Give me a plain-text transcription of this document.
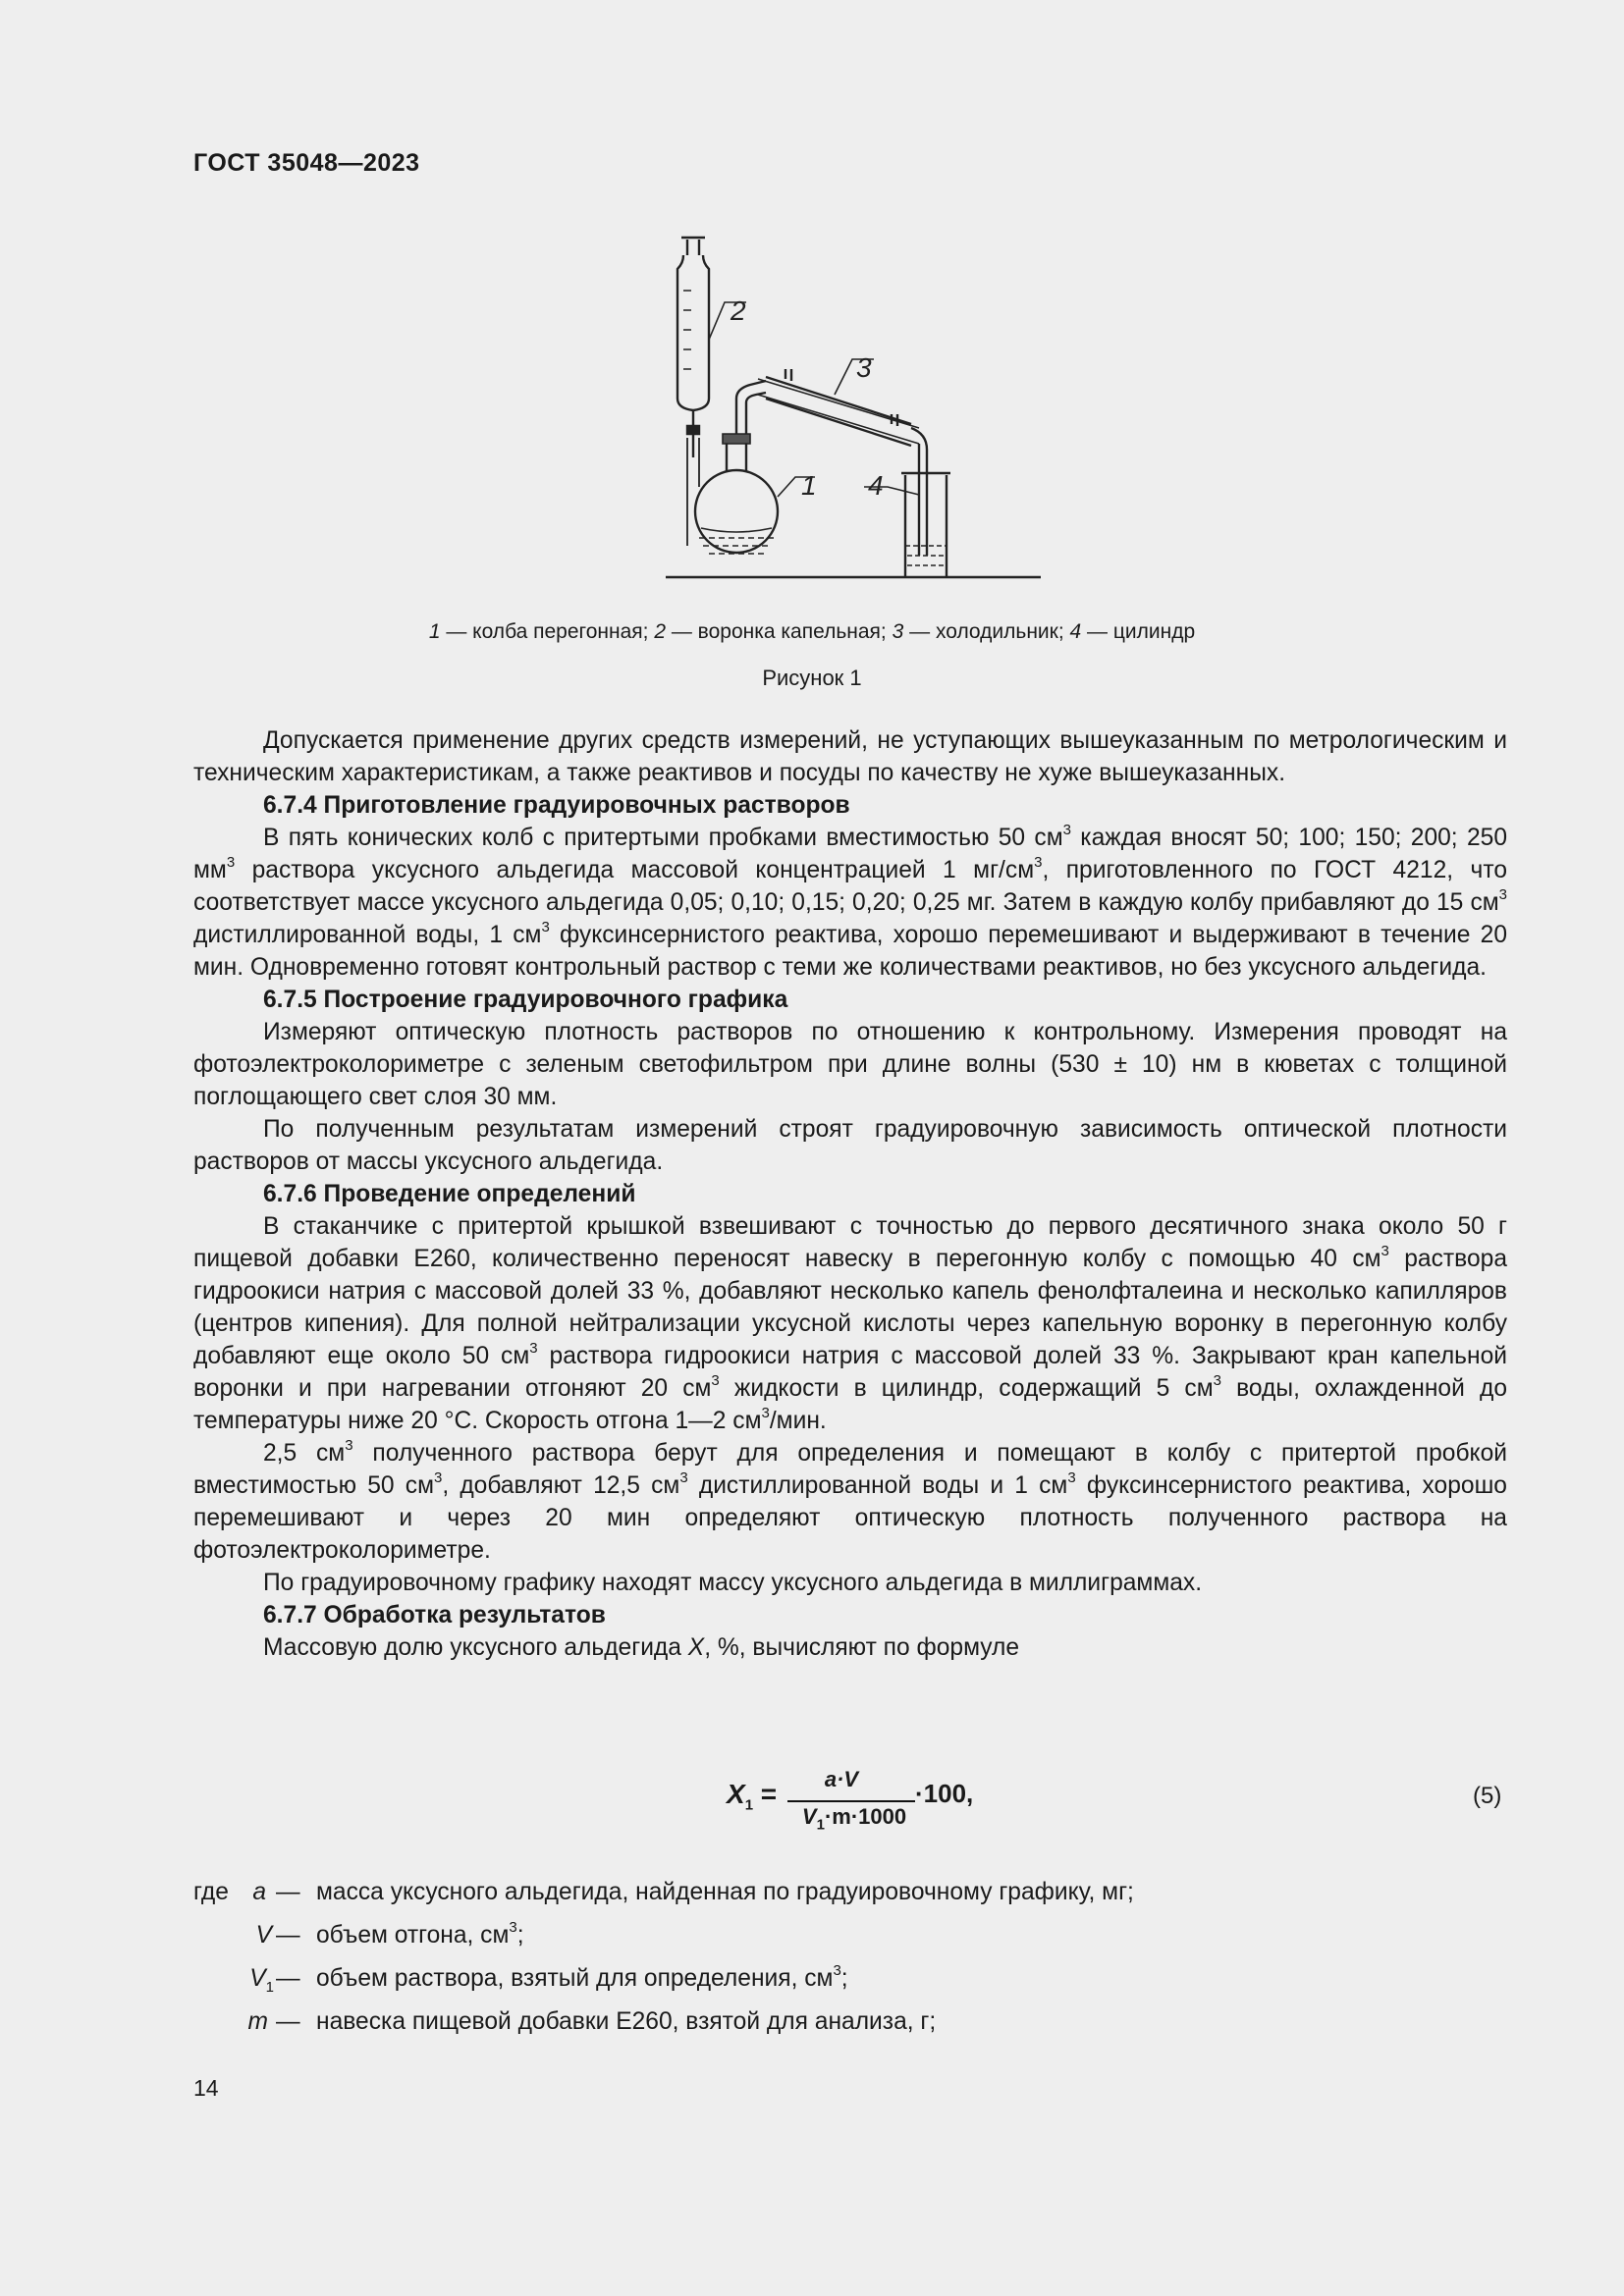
ГОСТ 35048—2023
2
3
1 4
1 — колба перегонная; 2 — воронка капельная; 3 — холодильник; 4 — цилиндр
Рисунок 1

Допускается применение других средств измерений, не уступающих вышеуказанным по метрологическим и техническим характеристикам, а также реактивов и посуды по качеству не хуже вышеуказанных.

6.7.4 Приготовление градуировочных растворов

В пять конических колб с притертыми пробками вместимостью 50 $см^3$ каждая вносят 50; 100; 150; 200; 250 $мм^3$ раствора уксусного альдегида массовой концентрацией 1 $мг/см^3$, приготовленного по ГОСТ 4212, что соответствует массе уксусного альдегида 0,05; 0,10; 0,15; 0,20; 0,25 мг. Затем в каждую колбу прибавляют до 15 $см^3$ дистиллированной воды, 1 $см^3$ фуксинсернистого реактива, хорошо перемешивают и выдерживают в течение 20 мин. Одновременно готовят контрольный раствор с теми же количествами реактивов, но без уксусного альдегида.

6.7.5 Построение градуировочного графика

Измеряют оптическую плотность растворов по отношению к контрольному. Измерения проводят на фотоэлектроколориметре с зеленым светофильтром при длине волны (530 ± 10) нм в кюветах с толщиной поглощающего свет слоя 30 мм.

По полученным результатам измерений строят градуировочную зависимость оптической плотности растворов от массы уксусного альдегида.

6.7.6 Проведение определений

В стаканчике с притертой крышкой взвешивают с точностью до первого десятичного знака около 50 г пищевой добавки Е260, количественно переносят навеску в перегонную колбу с помощью 40 $см^3$ раствора гидроокиси натрия с массовой долей 33 %, добавляют несколько капель фенолфталеина и несколько капилляров (центров кипения). Для полной нейтрализации уксусной кислоты через капельную воронку в перегонную колбу добавляют еще около 50 $см^3$ раствора гидроокиси натрия с массовой долей 33 %. Закрывают кран капельной воронки и при нагревании отгоняют 20 $см^3$ жидкости в цилиндр, содержащий 5 $см^3$ воды, охлажденной до температуры ниже 20 °С. Скорость отгона 1—2 $см^3$/мин.

2,5 $см^3$ полученного раствора берут для определения и помещают в колбу с притертой пробкой вместимостью 50 $см^3$, добавляют 12,5 $см^3$ дистиллированной воды и 1 $см^3$ фуксинсернистого реактива, хорошо перемешивают и через 20 мин определяют оптическую плотность полученного раствора на фотоэлектроколориметре.

По градуировочному графику находят массу уксусного альдегида в миллиграммах.

6.7.7 Обработка результатов

Массовую долю уксусного альдегида X, %, вычисляют по формуле

$X_1$ =	a·V
$V_1\cdot m\cdot 1000$
·100,	(5)
где a — масса уксусного альдегида, найденная по градуировочному графику, мг;
V — объем отгона, $см^3$;
$V_1$ — объем раствора, взятый для определения, $см^3$;
m — навеска пищевой добавки Е260, взятой для анализа, г;
14
